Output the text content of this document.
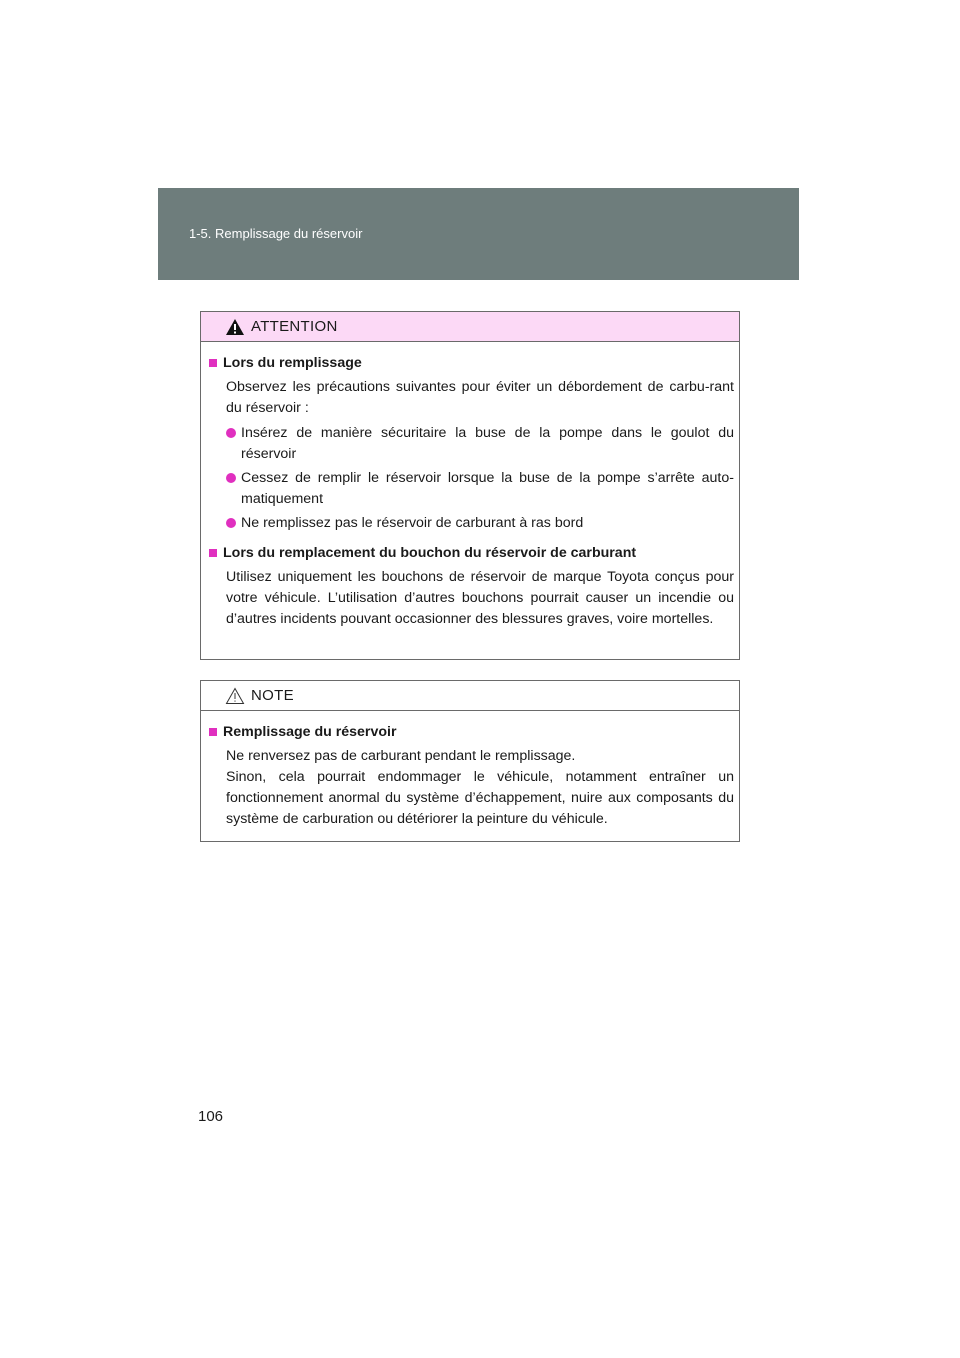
1-5. Remplissage du réservoir
ATTENTION
Lors du remplissage
Observez les précautions suivantes pour éviter un débordement de carbu-rant du réservoir :
Insérez de manière sécuritaire la buse de la pompe dans le goulot du réservoir
Cessez de remplir le réservoir lorsque la buse de la pompe s’arrête auto-matiquement
Ne remplissez pas le réservoir de carburant à ras bord
Lors du remplacement du bouchon du réservoir de carburant
Utilisez uniquement les bouchons de réservoir de marque Toyota conçus pour votre véhicule. L’utilisation d’autres bouchons pourrait causer un incendie ou d’autres incidents pouvant occasionner des blessures graves, voire mortelles.
NOTE
Remplissage du réservoir
Ne renversez pas de carburant pendant le remplissage.
Sinon, cela pourrait endommager le véhicule, notamment entraîner un fonctionnement anormal du système d’échappement, nuire aux composants du système de carburation ou détériorer la peinture du véhicule.
106
